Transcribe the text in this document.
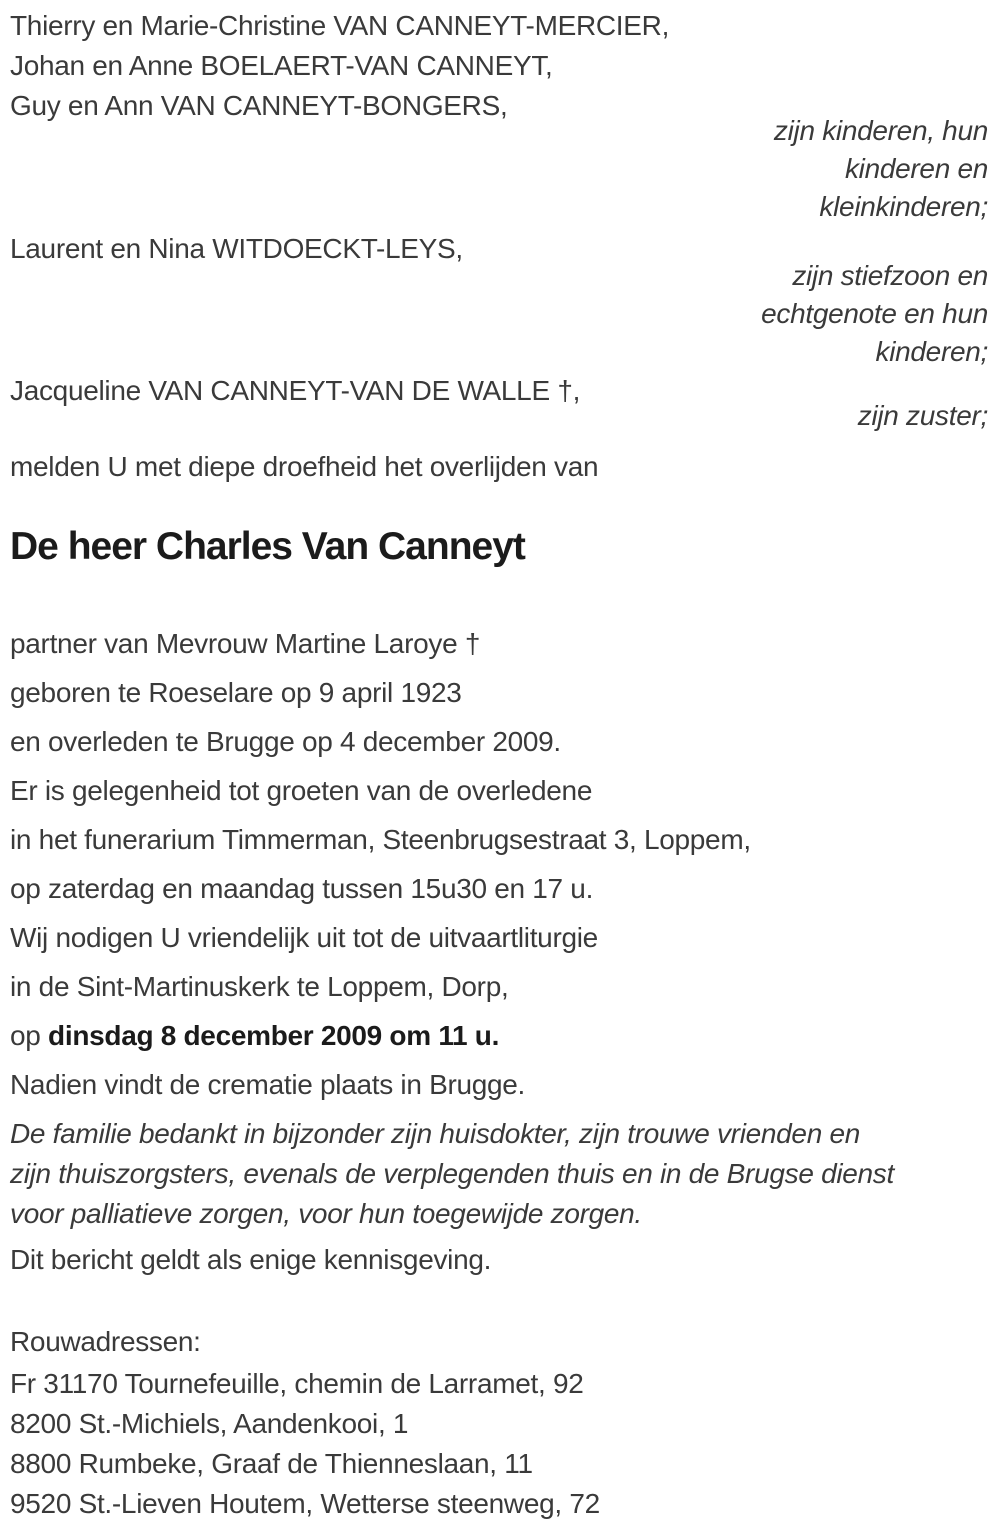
Thierry en Marie-Christine VAN CANNEYT-MERCIER,
Johan en Anne BOELAERT-VAN CANNEYT,
Guy en Ann VAN CANNEYT-BONGERS,
zijn kinderen, hun
kinderen en
kleinkinderen;
Laurent en Nina WITDOECKT-LEYS,
zijn stiefzoon en
echtgenote en hun
kinderen;
Jacqueline VAN CANNEYT-VAN DE WALLE †,
zijn zuster;
melden U met diepe droefheid het overlijden van
De heer Charles Van Canneyt
partner van Mevrouw Martine Laroye †
geboren te Roeselare op 9 april 1923
en overleden te Brugge op 4 december 2009.
Er is gelegenheid tot groeten van de overledene
in het funerarium Timmerman, Steenbrugsestraat 3, Loppem,
op zaterdag en maandag tussen 15u30 en 17 u.
Wij nodigen U vriendelijk uit tot de uitvaartliturgie
in de Sint-Martinuskerk te Loppem, Dorp,
op dinsdag 8 december 2009 om 11 u.
Nadien vindt de crematie plaats in Brugge.
De familie bedankt in bijzonder zijn huisdokter, zijn trouwe vrienden en
zijn thuiszorgsters, evenals de verplegenden thuis en in de Brugse dienst
voor palliatieve zorgen, voor hun toegewijde zorgen.
Dit bericht geldt als enige kennisgeving.
Rouwadressen:
Fr 31170 Tournefeuille, chemin de Larramet, 92
8200 St.-Michiels, Aandenkooi, 1
8800 Rumbeke, Graaf de Thienneslaan, 11
9520 St.-Lieven Houtem, Wetterse steenweg, 72
